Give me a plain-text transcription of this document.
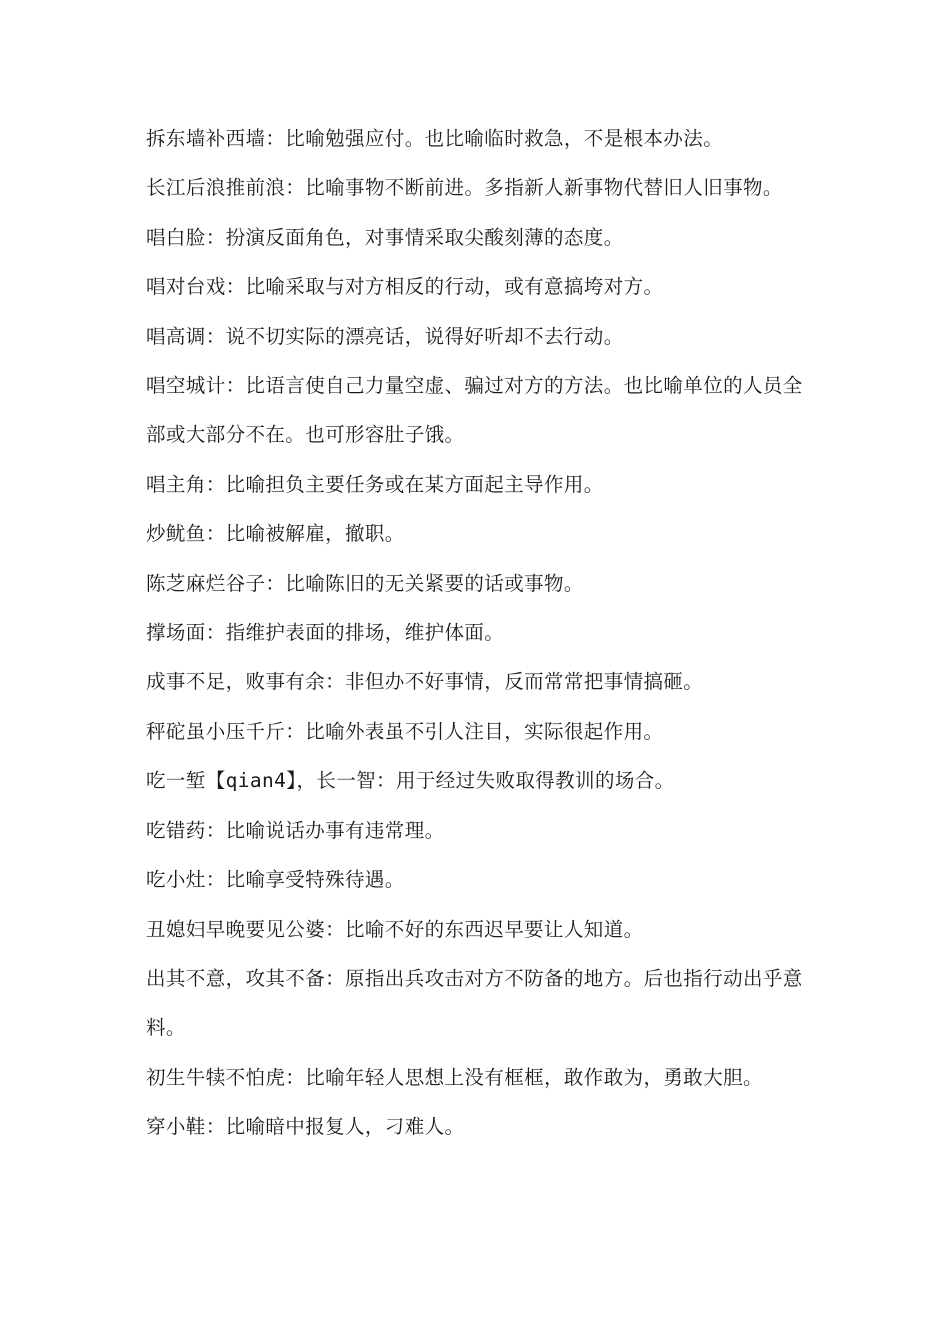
拆东墙补西墙：比喻勉强应付。也比喻临时救急，不是根本办法。

长江后浪推前浪：比喻事物不断前进。多指新人新事物代替旧人旧事物。

唱白脸：扮演反面角色，对事情采取尖酸刻薄的态度。

唱对台戏：比喻采取与对方相反的行动，或有意搞垮对方。

唱高调：说不切实际的漂亮话，说得好听却不去行动。

唱空城计：比语言使自己力量空虚、骗过对方的方法。也比喻单位的人员全部或大部分不在。也可形容肚子饿。

唱主角：比喻担负主要任务或在某方面起主导作用。

炒鱿鱼：比喻被解雇，撤职。

陈芝麻烂谷子：比喻陈旧的无关紧要的话或事物。

撑场面：指维护表面的排场，维护体面。

成事不足，败事有余：非但办不好事情，反而常常把事情搞砸。

秤砣虽小压千斤：比喻外表虽不引人注目，实际很起作用。

吃一堑【qian4】，长一智：用于经过失败取得教训的场合。

吃错药：比喻说话办事有违常理。

吃小灶：比喻享受特殊待遇。

丑媳妇早晚要见公婆：比喻不好的东西迟早要让人知道。

出其不意，攻其不备：原指出兵攻击对方不防备的地方。后也指行动出乎意料。

初生牛犊不怕虎：比喻年轻人思想上没有框框，敢作敢为，勇敢大胆。

穿小鞋：比喻暗中报复人，刁难人。
